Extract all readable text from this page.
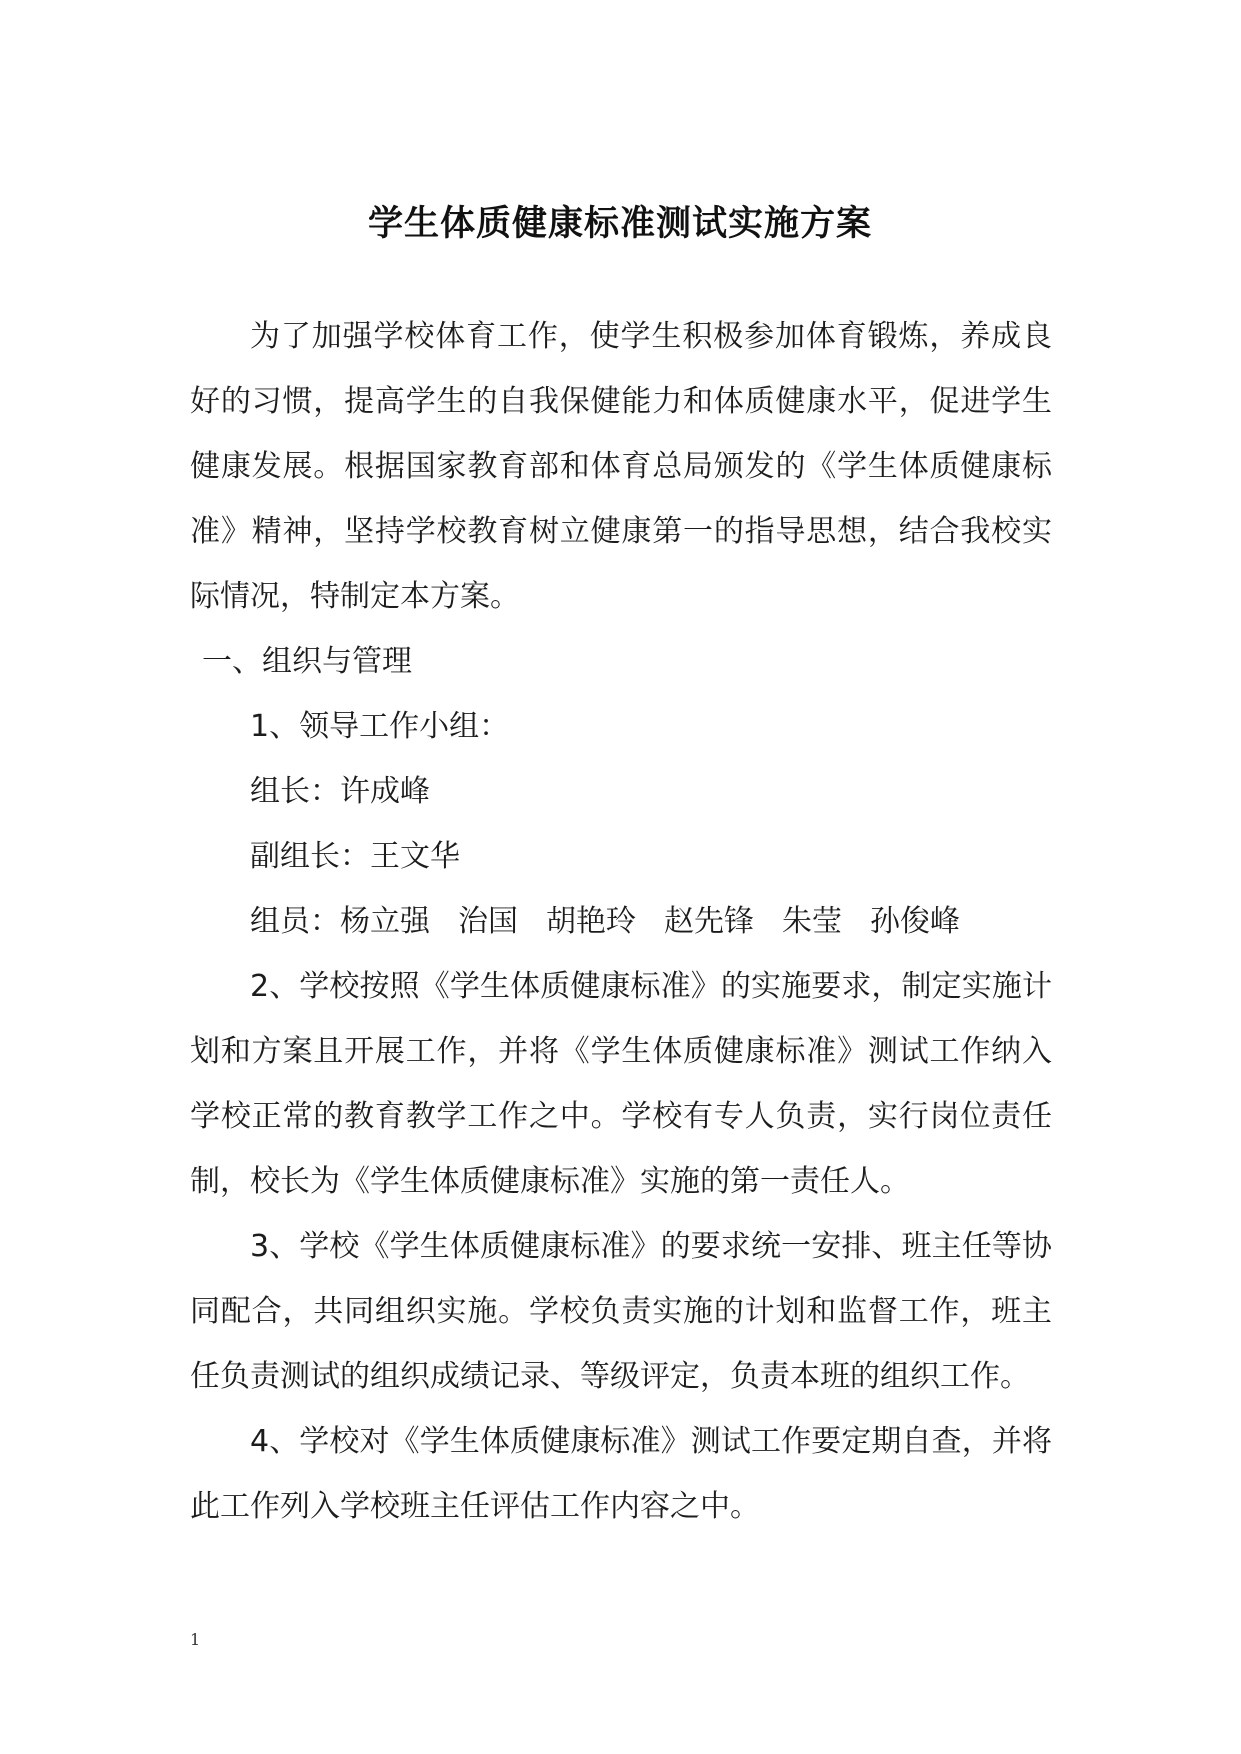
学生体质健康标准测试实施方案

为了加强学校体育工作，使学生积极参加体育锻炼，养成良好的习惯，提高学生的自我保健能力和体质健康水平，促进学生健康发展。根据国家教育部和体育总局颁发的《学生体质健康标准》精神，坚持学校教育树立健康第一的指导思想，结合我校实际情况，特制定本方案。

一、组织与管理

1、领导工作小组：

组长：许成峰

副组长：王文华

组员：杨立强 治国 胡艳玲 赵先锋 朱莹 孙俊峰

2、学校按照《学生体质健康标准》的实施要求，制定实施计划和方案且开展工作，并将《学生体质健康标准》测试工作纳入学校正常的教育教学工作之中。学校有专人负责，实行岗位责任制，校长为《学生体质健康标准》实施的第一责任人。

3、学校《学生体质健康标准》的要求统一安排、班主任等协同配合，共同组织实施。学校负责实施的计划和监督工作，班主任负责测试的组织成绩记录、等级评定，负责本班的组织工作。

4、学校对《学生体质健康标准》测试工作要定期自查，并将此工作列入学校班主任评估工作内容之中。

1
